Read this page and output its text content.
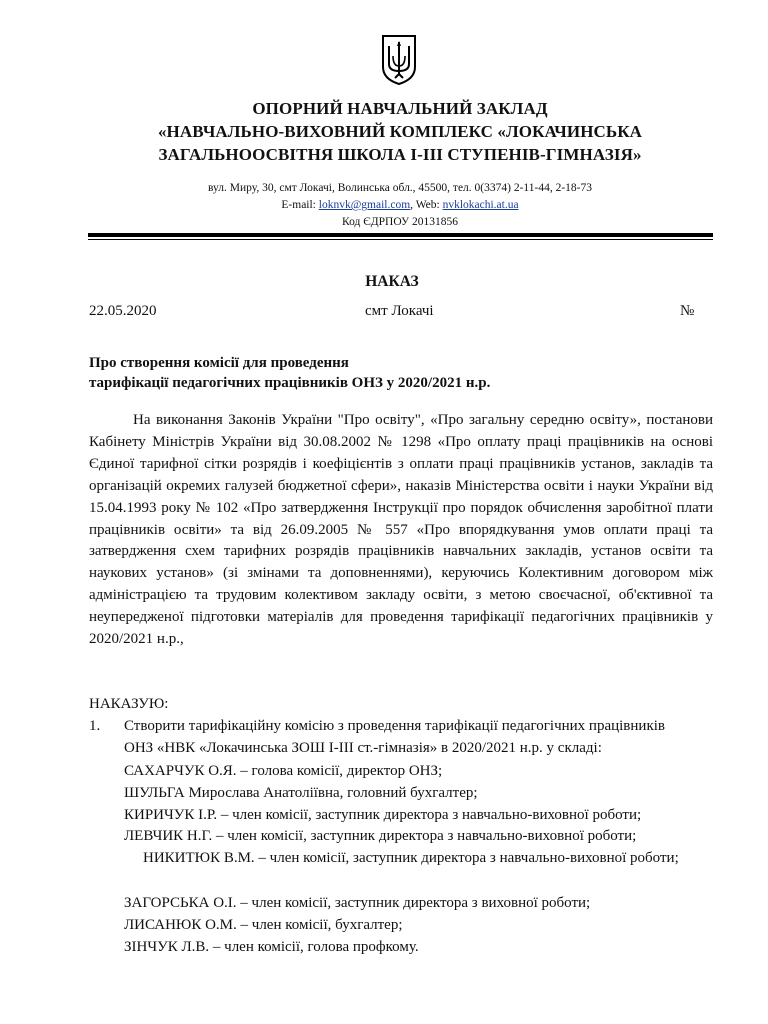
ОПОРНИЙ НАВЧАЛЬНИЙ ЗАКЛАД
«НАВЧАЛЬНО-ВИХОВНИЙ КОМПЛЕКС «ЛОКАЧИНСЬКА
ЗАГАЛЬНООСВІТНЯ ШКОЛА І-ІІІ СТУПЕНІВ-ГІМНАЗІЯ»
вул. Миру, 30, смт Локачі, Волинська обл., 45500, тел. 0(3374) 2-11-44, 2-18-73
E-mail: loknvk@gmail.com, Web: nvklokachi.at.ua
Код ЄДРПОУ 20131856
НАКАЗ
22.05.2020	смт Локачі	№
Про створення комісії для проведення
тарифікації педагогічних працівників ОНЗ у 2020/2021 н.р.
На виконання Законів України "Про освіту", «Про загальну середню освіту», постанови Кабінету Міністрів України від 30.08.2002 № 1298 «Про оплату праці працівників на основі Єдиної тарифної сітки розрядів і коефіцієнтів з оплати праці працівників установ, закладів та організацій окремих галузей бюджетної сфери», наказів Міністерства освіти і науки України від 15.04.1993 року № 102 «Про затвердження Інструкції про порядок обчислення заробітної плати працівників освіти» та від 26.09.2005 № 557 «Про впорядкування умов оплати праці та затвердження схем тарифних розрядів працівників навчальних закладів, установ освіти та наукових установ» (зі змінами та доповненнями), керуючись Колективним договором між адміністрацією та трудовим колективом закладу освіти, з метою своєчасної, об'єктивної та неупередженої підготовки матеріалів для проведення тарифікації педагогічних працівників у 2020/2021 н.р.,
НАКАЗУЮ:
1. Створити тарифікаційну комісію з проведення тарифікації педагогічних працівників
ОНЗ «НВК «Локачинська ЗОШ І-ІІІ ст.-гімназія» в 2020/2021 н.р. у складі:
САХАРЧУК О.Я. – голова комісії, директор ОНЗ;
ШУЛЬГА Мирослава Анатоліївна, головний бухгалтер;
КИРИЧУК І.Р. – член комісії, заступник директора з навчально-виховної роботи;
ЛЕВЧИК Н.Г. – член комісії, заступник директора з навчально-виховної роботи;
НИКИТЮК В.М. – член комісії, заступник директора з навчально-виховної роботи;
ЗАГОРСЬКА О.І. – член комісії, заступник директора з виховної роботи;
ЛИСАНЮК О.М. – член комісії, бухгалтер;
ЗІНЧУК Л.В. – член комісії, голова профкому.
